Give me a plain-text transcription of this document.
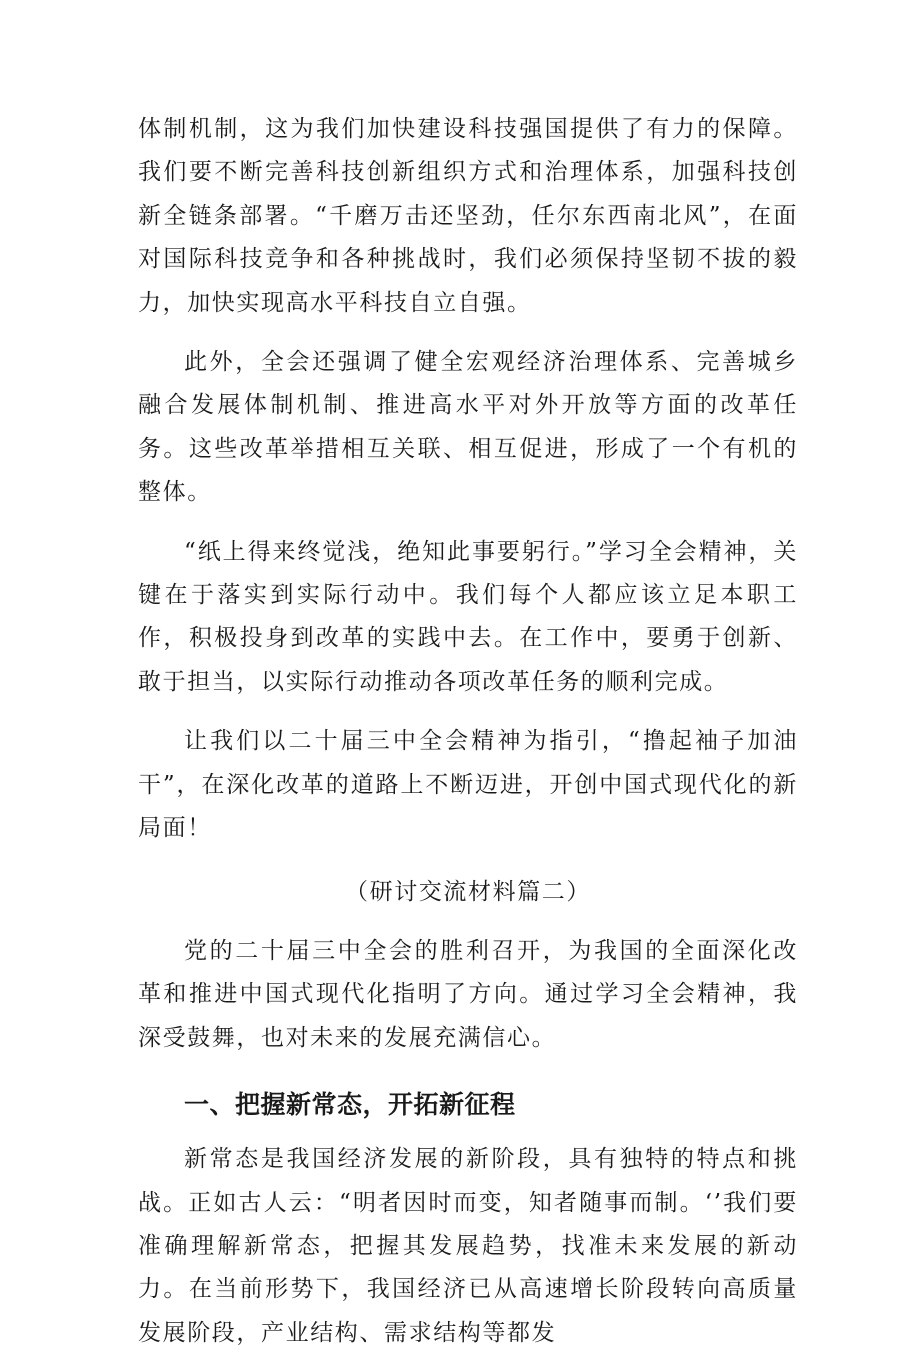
体制机制，这为我们加快建设科技强国提供了有力的保障。我们要不断完善科技创新组织方式和治理体系，加强科技创新全链条部署。“千磨万击还坚劲，任尔东西南北风”，在面对国际科技竞争和各种挑战时，我们必须保持坚韧不拔的毅力，加快实现高水平科技自立自强。

此外，全会还强调了健全宏观经济治理体系、完善城乡融合发展体制机制、推进高水平对外开放等方面的改革任务。这些改革举措相互关联、相互促进，形成了一个有机的整体。

“纸上得来终觉浅，绝知此事要躬行。”学习全会精神，关键在于落实到实际行动中。我们每个人都应该立足本职工作，积极投身到改革的实践中去。在工作中，要勇于创新、敢于担当，以实际行动推动各项改革任务的顺利完成。

让我们以二十届三中全会精神为指引，“撸起袖子加油干”，在深化改革的道路上不断迈进，开创中国式现代化的新局面！

（研讨交流材料篇二）

党的二十届三中全会的胜利召开，为我国的全面深化改革和推进中国式现代化指明了方向。通过学习全会精神，我深受鼓舞，也对未来的发展充满信心。

一、把握新常态，开拓新征程

新常态是我国经济发展的新阶段，具有独特的特点和挑战。正如古人云：“明者因时而变，知者随事而制。‘’我们要准确理解新常态，把握其发展趋势，找准未来发展的新动力。在当前形势下，我国经济已从高速增长阶段转向高质量发展阶段，产业结构、需求结构等都发
